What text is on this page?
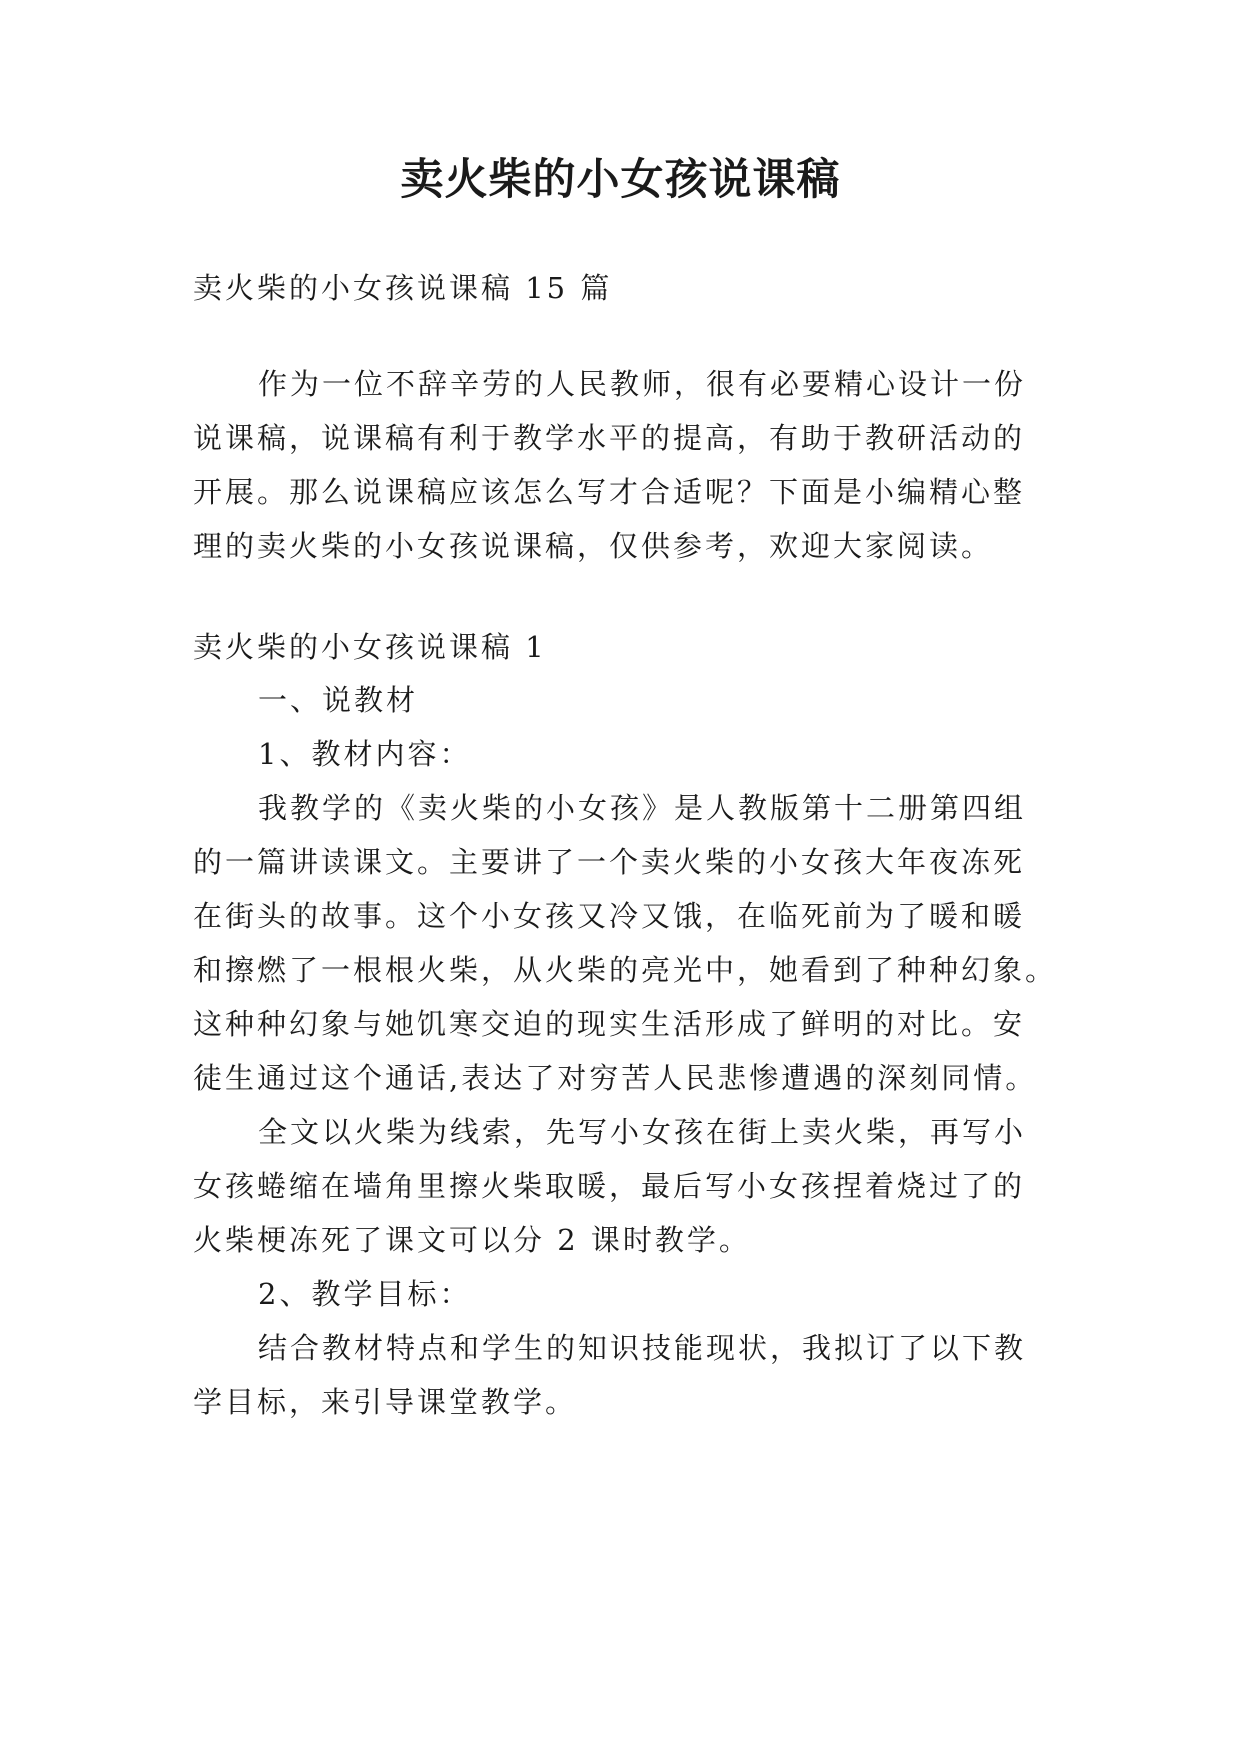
卖火柴的小女孩说课稿
卖火柴的小女孩说课稿 15 篇
作为一位不辞辛劳的人民教师，很有必要精心设计一份
说课稿，说课稿有利于教学水平的提高，有助于教研活动的
开展。那么说课稿应该怎么写才合适呢？下面是小编精心整
理的卖火柴的小女孩说课稿，仅供参考，欢迎大家阅读。
卖火柴的小女孩说课稿 1
一、说教材
1、教材内容：
我教学的《卖火柴的小女孩》是人教版第十二册第四组
的一篇讲读课文。主要讲了一个卖火柴的小女孩大年夜冻死
在街头的故事。这个小女孩又冷又饿，在临死前为了暖和暖
和擦燃了一根根火柴，从火柴的亮光中，她看到了种种幻象。
这种种幻象与她饥寒交迫的现实生活形成了鲜明的对比。安
徒生通过这个通话,表达了对穷苦人民悲惨遭遇的深刻同情。
全文以火柴为线索，先写小女孩在街上卖火柴，再写小
女孩蜷缩在墙角里擦火柴取暖，最后写小女孩捏着烧过了的
火柴梗冻死了课文可以分 2 课时教学。
2、教学目标：
结合教材特点和学生的知识技能现状，我拟订了以下教
学目标，来引导课堂教学。
